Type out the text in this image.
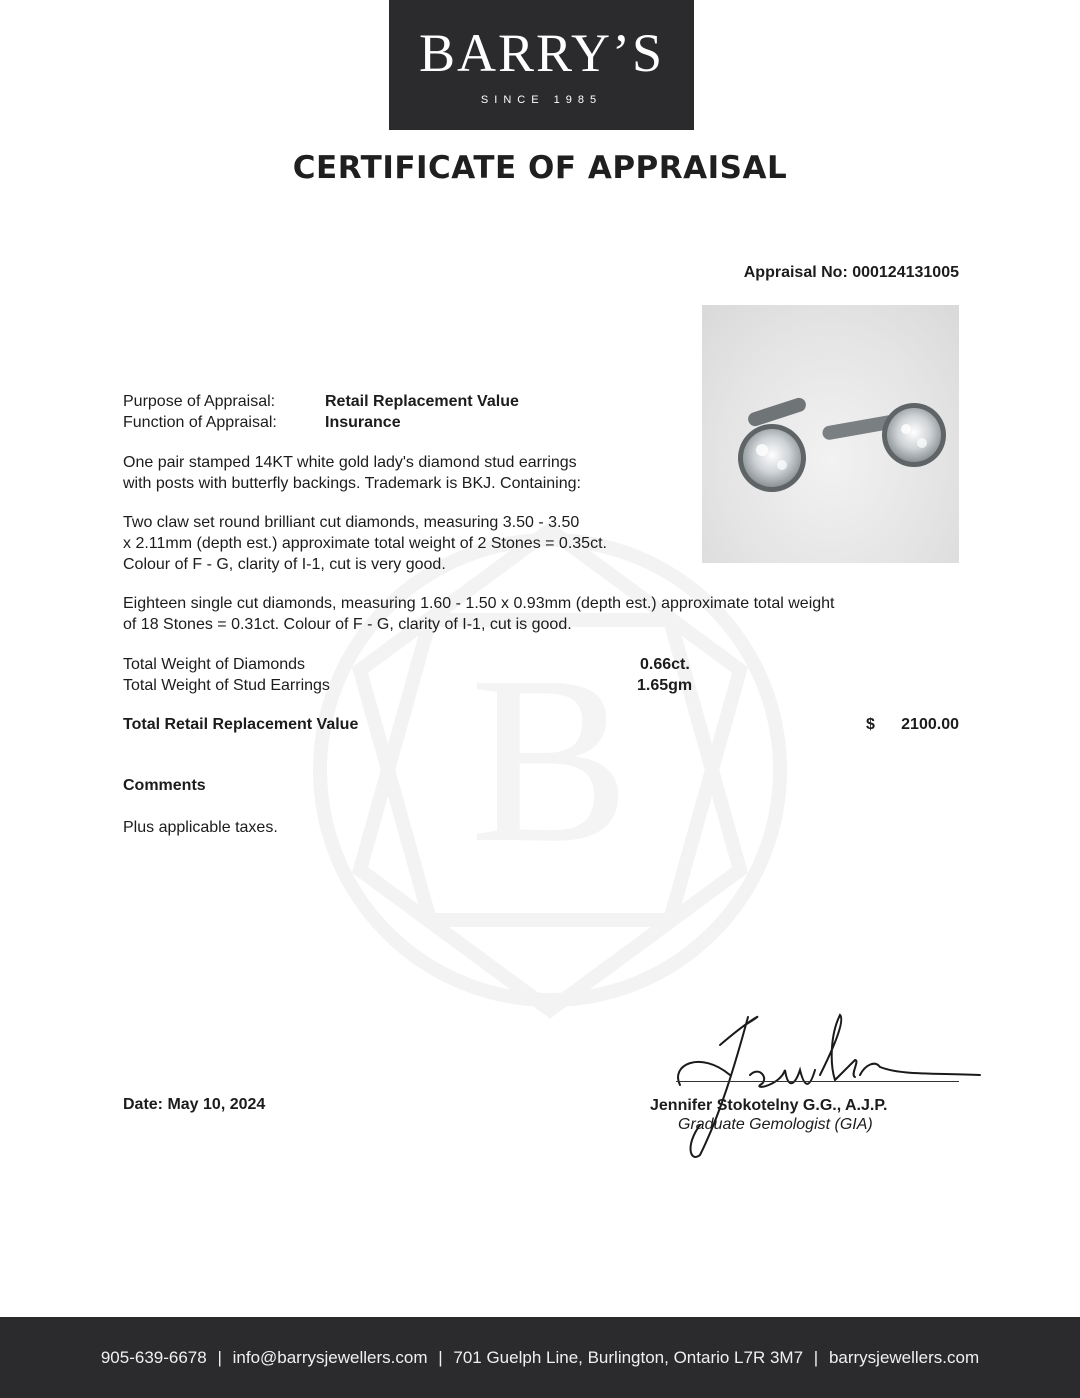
B
BARRY’S
SINCE 1985
CERTIFICATE OF APPRAISAL
Appraisal No: 000124131005
Purpose of Appraisal:	Retail Replacement Value
Function of Appraisal:	Insurance
One pair stamped 14KT white gold lady's diamond stud earrings
with posts with butterfly backings. Trademark is BKJ. Containing:
Two claw set round brilliant cut diamonds, measuring 3.50 - 3.50
x 2.11mm (depth est.) approximate total weight of 2 Stones = 0.35ct.
Colour of F - G, clarity of I-1, cut is very good.
Eighteen single cut diamonds, measuring 1.60 - 1.50 x 0.93mm (depth est.) approximate total weight
of 18 Stones = 0.31ct. Colour of F - G, clarity of I-1, cut is good.
Total Weight of Diamonds	0.66ct.
Total Weight of Stud Earrings	1.65gm
Total Retail Replacement Value	$ 2100.00
Comments
Plus applicable taxes.
Date: May 10, 2024	Jennifer Stokotelny G.G., A.J.P.
Graduate Gemologist (GIA)
905-639-6678 | info@barrysjewellers.com | 701 Guelph Line, Burlington, Ontario L7R 3M7 | barrysjewellers.com
